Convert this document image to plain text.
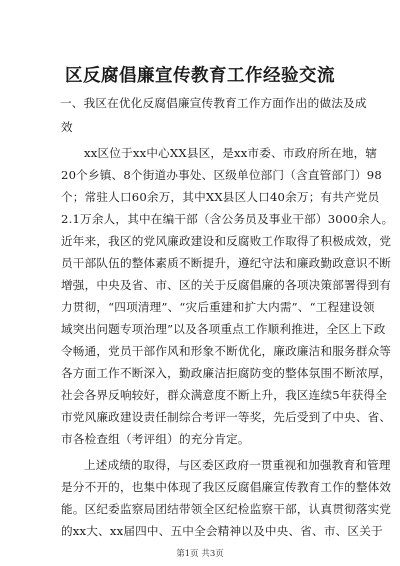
区反腐倡廉宣传教育工作经验交流
一、我区在优化反腐倡廉宣传教育工作方面作出的做法及成
效
xx区位于xx中心XX县区，是xx市委、市政府所在地，辖
20个乡镇、8个街道办事处、区级单位部门（含直管部门）98
个；常驻人口60余万，其中XX县区人口40余万；有共产党员
2.1万余人，其中在编干部（含公务员及事业干部）3000余人。
近年来，我区的党风廉政建设和反腐败工作取得了积极成效，党
员干部队伍的整体素质不断提升，遵纪守法和廉政勤政意识不断
增强，中央及省、市、区的关于反腐倡廉的各项决策部署得到有
力贯彻，“四项清理”、“灾后重建和扩大内需”、“工程建设领
域突出问题专项治理”以及各项重点工作顺利推进，全区上下政
令畅通，党员干部作风和形象不断优化，廉政廉洁和服务群众等
各方面工作不断深入，勤政廉洁拒腐防变的整体氛围不断浓厚，
社会各界反响较好，群众满意度不断上升，我区连续5年获得全
市党风廉政建设责任制综合考评一等奖，先后受到了中央、省、
市各检查组（考评组）的充分肯定。
上述成绩的取得，与区委区政府一贯重视和加强教育和管理
是分不开的，也集中体现了我区反腐倡廉宣传教育工作的整体效
能。区纪委监察局团结带领全区纪检监察干部，认真贯彻落实党
的xx大、xx届四中、五中全会精神以及中央、省、市、区关于
第1页 共3页
